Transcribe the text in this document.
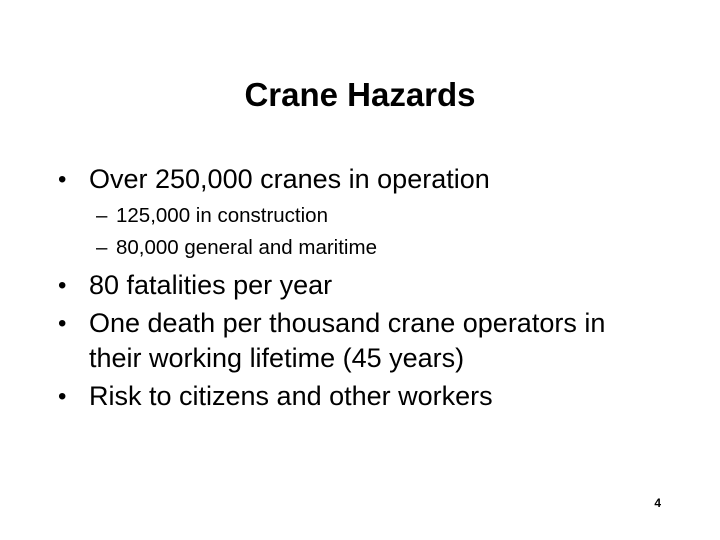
Crane Hazards
• Over 250,000 cranes in operation
– 125,000 in construction
– 80,000 general and maritime
• 80 fatalities per year
• One death per thousand crane operators in their working lifetime (45 years)
• Risk to citizens and other workers
4
